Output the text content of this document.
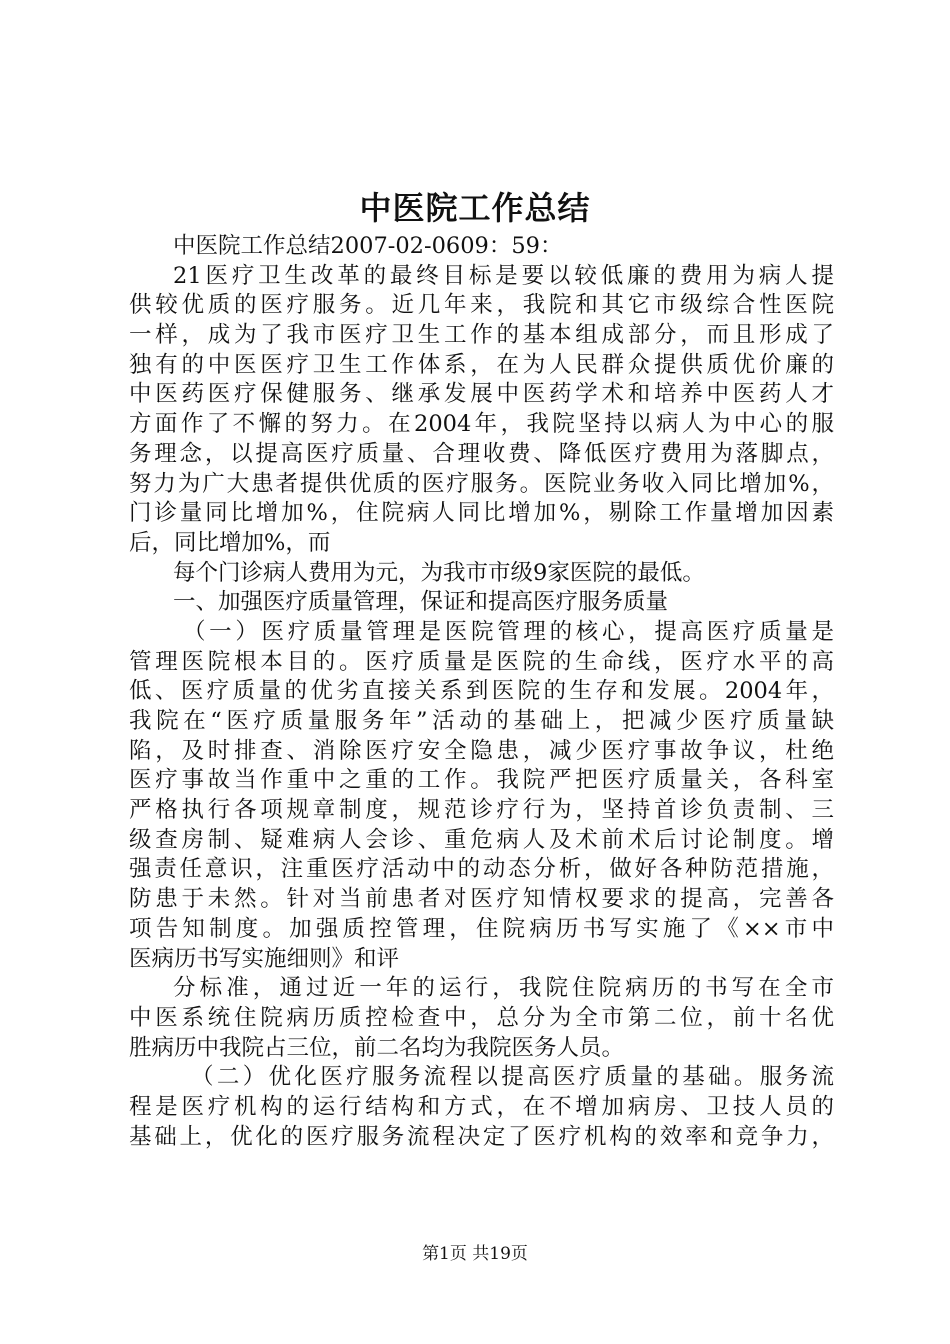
中医院工作总结
中医院工作总结2007-02-0609：59：
21医疗卫生改革的最终目标是要以较低廉的费用为病人提
供较优质的医疗服务。近几年来，我院和其它市级综合性医院
一样，成为了我市医疗卫生工作的基本组成部分，而且形成了
独有的中医医疗卫生工作体系，在为人民群众提供质优价廉的
中医药医疗保健服务、继承发展中医药学术和培养中医药人才
方面作了不懈的努力。在2004年，我院坚持以病人为中心的服
务理念，以提高医疗质量、合理收费、降低医疗费用为落脚点，
努力为广大患者提供优质的医疗服务。医院业务收入同比增加%，
门诊量同比增加%，住院病人同比增加%，剔除工作量增加因素
后，同比增加%，而
每个门诊病人费用为元，为我市市级9家医院的最低。
一、加强医疗质量管理，保证和提高医疗服务质量
（一）医疗质量管理是医院管理的核心，提高医疗质量是
管理医院根本目的。医疗质量是医院的生命线，医疗水平的高
低、医疗质量的优劣直接关系到医院的生存和发展。2004年，
我院在“医疗质量服务年”活动的基础上，把减少医疗质量缺
陷，及时排查、消除医疗安全隐患，减少医疗事故争议，杜绝
医疗事故当作重中之重的工作。我院严把医疗质量关，各科室
严格执行各项规章制度，规范诊疗行为，坚持首诊负责制、三
级查房制、疑难病人会诊、重危病人及术前术后讨论制度。增
强责任意识，注重医疗活动中的动态分析，做好各种防范措施，
防患于未然。针对当前患者对医疗知情权要求的提高，完善各
项告知制度。加强质控管理，住院病历书写实施了《××市中
医病历书写实施细则》和评
分标准，通过近一年的运行，我院住院病历的书写在全市
中医系统住院病历质控检查中，总分为全市第二位，前十名优
胜病历中我院占三位，前二名均为我院医务人员。
（二）优化医疗服务流程以提高医疗质量的基础。服务流
程是医疗机构的运行结构和方式，在不增加病房、卫技人员的
基础上，优化的医疗服务流程决定了医疗机构的效率和竞争力，
第1页 共19页
